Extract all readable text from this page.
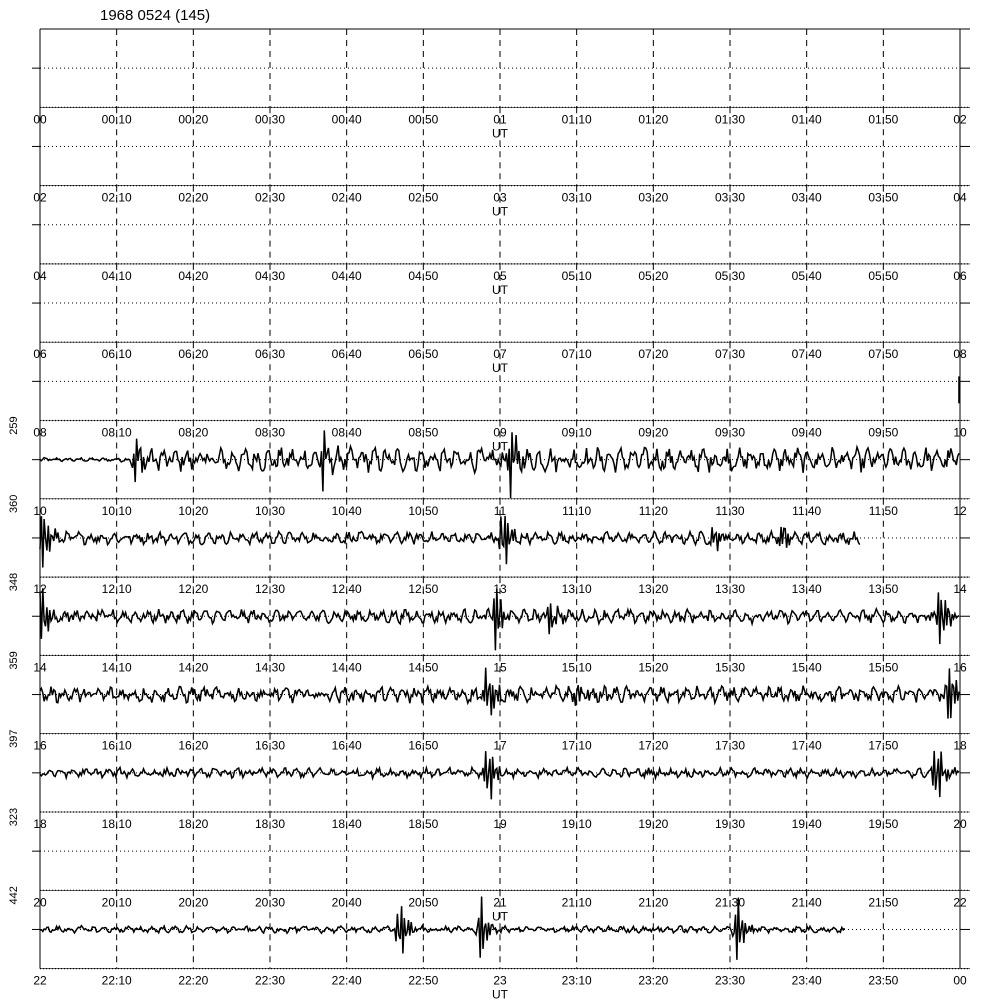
1968 0524 (145)
00	00:10	00:20	00:30	00:40	00:50	01	01:10	01:20	01:30	01:40	01:50	02
UT
02	02:10	02:20	02:30	02:40	02:50	03	03:10	03:20	03:30	03:40	03:50	04
UT
04	04:10	04:20	04:30	04:40	04:50	05	05:10	05:20	05:30	05:40	05:50	06
UT
06	06:10	06:20	06:30	06:40	06:50	07	07:10	07:20	07:30	07:40	07:50	08
UT
08	08:10	08:20	08:30	08:40	08:50	09	09:10	09:20	09:30	09:40	09:50	10
UT
259
10	10:10	10:20	10:30	10:40	10:50	11	11:10	11:20	11:30	11:40	11:50	12
360
12	12:10	12:20	12:30	12:40	12:50	13	13:10	13:20	13:30	13:40	13:50	14
348
14	14:10	14:20	14:30	14:40	14:50	15	15:10	15:20	15:30	15:40	15:50	16
359
16	16:10	16:20	16:30	16:40	16:50	17	17:10	17:20	17:30	17:40	17:50	18
397
18	18:10	18:20	18:30	18:40	18:50	19	19:10	19:20	19:30	19:40	19:50	20
323
20	20:10	20:20	20:30	20:40	20:50	21	21:10	21:20	21:30	21:40	21:50	22
UT
442
22	22:10	22:20	22:30	22:40	22:50	23	23:10	23:20	23:30	23:40	23:50	00
UT
